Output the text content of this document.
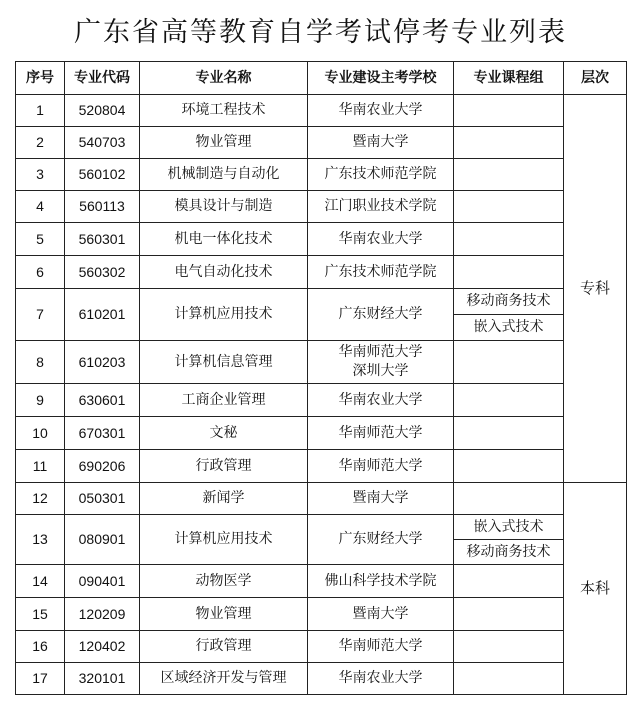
广东省高等教育自学考试停考专业列表
序号	专业代码	专业名称	专业建设主考学校	专业课程组	层次
1	520804	环境工程技术	华南农业大学		专科
2	540703	物业管理	暨南大学		

3	560102	机械制造与自动化	广东技术师范学院		

4	560113	模具设计与制造	江门职业技术学院		

5	560301	机电一体化技术	华南农业大学		

6	560302	电气自动化技术	广东技术师范学院		

7	610201	计算机应用技术	广东财经大学	移动商务技术	
				嵌入式技术	
8	610203	计算机信息管理	华南师范大学
深圳大学		

9	630601	工商企业管理	华南农业大学		

10	670301	文秘	华南师范大学		

11	690206	行政管理	华南师范大学		

12	050301	新闻学	暨南大学		本科
13	080901	计算机应用技术	广东财经大学	嵌入式技术	
				移动商务技术	
14	090401	动物医学	佛山科学技术学院		

15	120209	物业管理	暨南大学		

16	120402	行政管理	华南师范大学		

17	320101	区域经济开发与管理	华南农业大学		
